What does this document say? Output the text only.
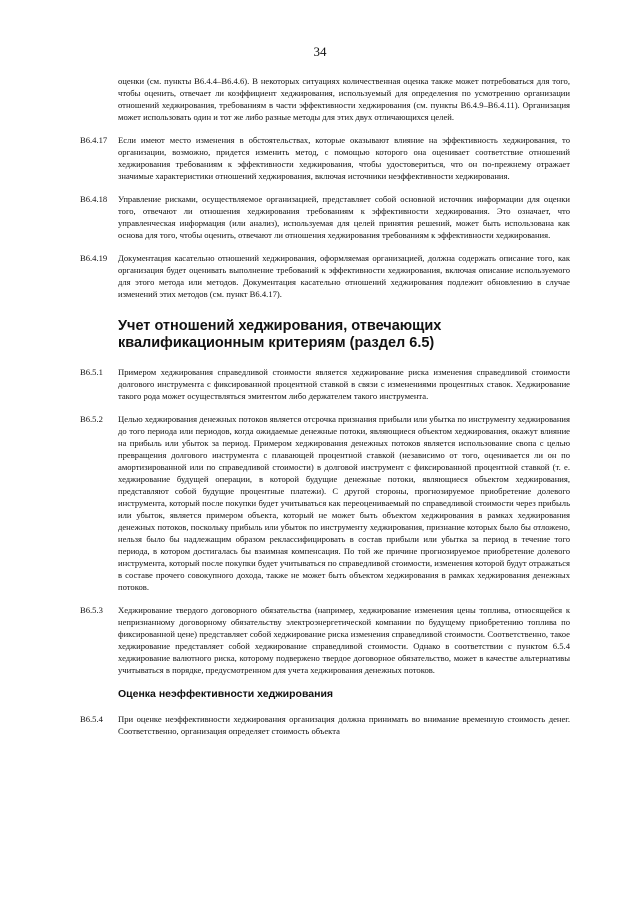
34

оценки (см. пункты B6.4.4–B6.4.6). В некоторых ситуациях количественная оценка также может потребоваться для того, чтобы оценить, отвечает ли коэффициент хеджирования, используемый для определения по усмотрению организации отношений хеджирования, требованиям в части эффективности хеджирования (см. пункты B6.4.9–B6.4.11). Организация может использовать один и тот же либо разные методы для этих двух отличающихся целей.

B6.4.17	Если имеют место изменения в обстоятельствах, которые оказывают влияние на эффективность хеджирования, то организации, возможно, придется изменить метод, с помощью которого она оценивает соответствие отношений хеджирования требованиям к эффективности хеджирования, чтобы удостовериться, что он по-прежнему отражает значимые характеристики отношений хеджирования, включая источники неэффективности хеджирования.
B6.4.18	Управление рисками, осуществляемое организацией, представляет собой основной источник информации для оценки того, отвечают ли отношения хеджирования требованиям к эффективности хеджирования. Это означает, что управленческая информация (или анализ), используемая для целей принятия решений, может быть использована как основа для того, чтобы оценить, отвечают ли отношения хеджирования требованиям к эффективности хеджирования.
B6.4.19	Документация касательно отношений хеджирования, оформляемая организацией, должна содержать описание того, как организация будет оценивать выполнение требований к эффективности хеджирования, включая описание используемого для этого метода или методов. Документация касательно отношений хеджирования подлежит обновлению в случае изменений этих методов (см. пункт B6.4.17).
Учет отношений хеджирования, отвечающих квалификационным критериям (раздел 6.5)
B6.5.1	Примером хеджирования справедливой стоимости является хеджирование риска изменения справедливой стоимости долгового инструмента с фиксированной процентной ставкой в связи с изменениями процентных ставок. Хеджирование такого рода может осуществляться эмитентом либо держателем такого инструмента.
B6.5.2	Целью хеджирования денежных потоков является отсрочка признания прибыли или убытка по инструменту хеджирования до того периода или периодов, когда ожидаемые денежные потоки, являющиеся объектом хеджирования, окажут влияние на прибыль или убыток за период. Примером хеджирования денежных потоков является использование свопа с целью превращения долгового инструмента с плавающей процентной ставкой (независимо от того, оценивается ли он по амортизированной или по справедливой стоимости) в долговой инструмент с фиксированной процентной ставкой (т. е. хеджирование будущей операции, в которой будущие денежные потоки, являющиеся объектом хеджирования, представляют собой будущие процентные платежи). С другой стороны, прогнозируемое приобретение долевого инструмента, который после покупки будет учитываться как переоцениваемый по справедливой стоимости через прибыль или убыток, является примером объекта, который не может быть объектом хеджирования в рамках хеджирования денежных потоков, поскольку прибыль или убыток по инструменту хеджирования, признание которых было бы отложено, нельзя было бы надлежащим образом реклассифицировать в состав прибыли или убытка за период в течение того периода, в котором достигалась бы взаимная компенсация. По той же причине прогнозируемое приобретение долевого инструмента, который после покупки будет учитываться по справедливой стоимости, изменения которой будут отражаться в составе прочего совокупного дохода, также не может быть объектом хеджирования в рамках хеджирования денежных потоков.
B6.5.3	Хеджирование твердого договорного обязательства (например, хеджирование изменения цены топлива, относящейся к непризнанному договорному обязательству электроэнергетической компании по будущему приобретению топлива по фиксированной цене) представляет собой хеджирование риска изменения справедливой стоимости. Соответственно, такое хеджирование представляет собой хеджирование справедливой стоимости. Однако в соответствии с пунктом 6.5.4 хеджирование валютного риска, которому подвержено твердое договорное обязательство, может в качестве альтернативы учитываться в порядке, предусмотренном для учета хеджирования денежных потоков.
Оценка неэффективности хеджирования
B6.5.4	При оценке неэффективности хеджирования организация должна принимать во внимание временную стоимость денег. Соответственно, организация определяет стоимость объекта
